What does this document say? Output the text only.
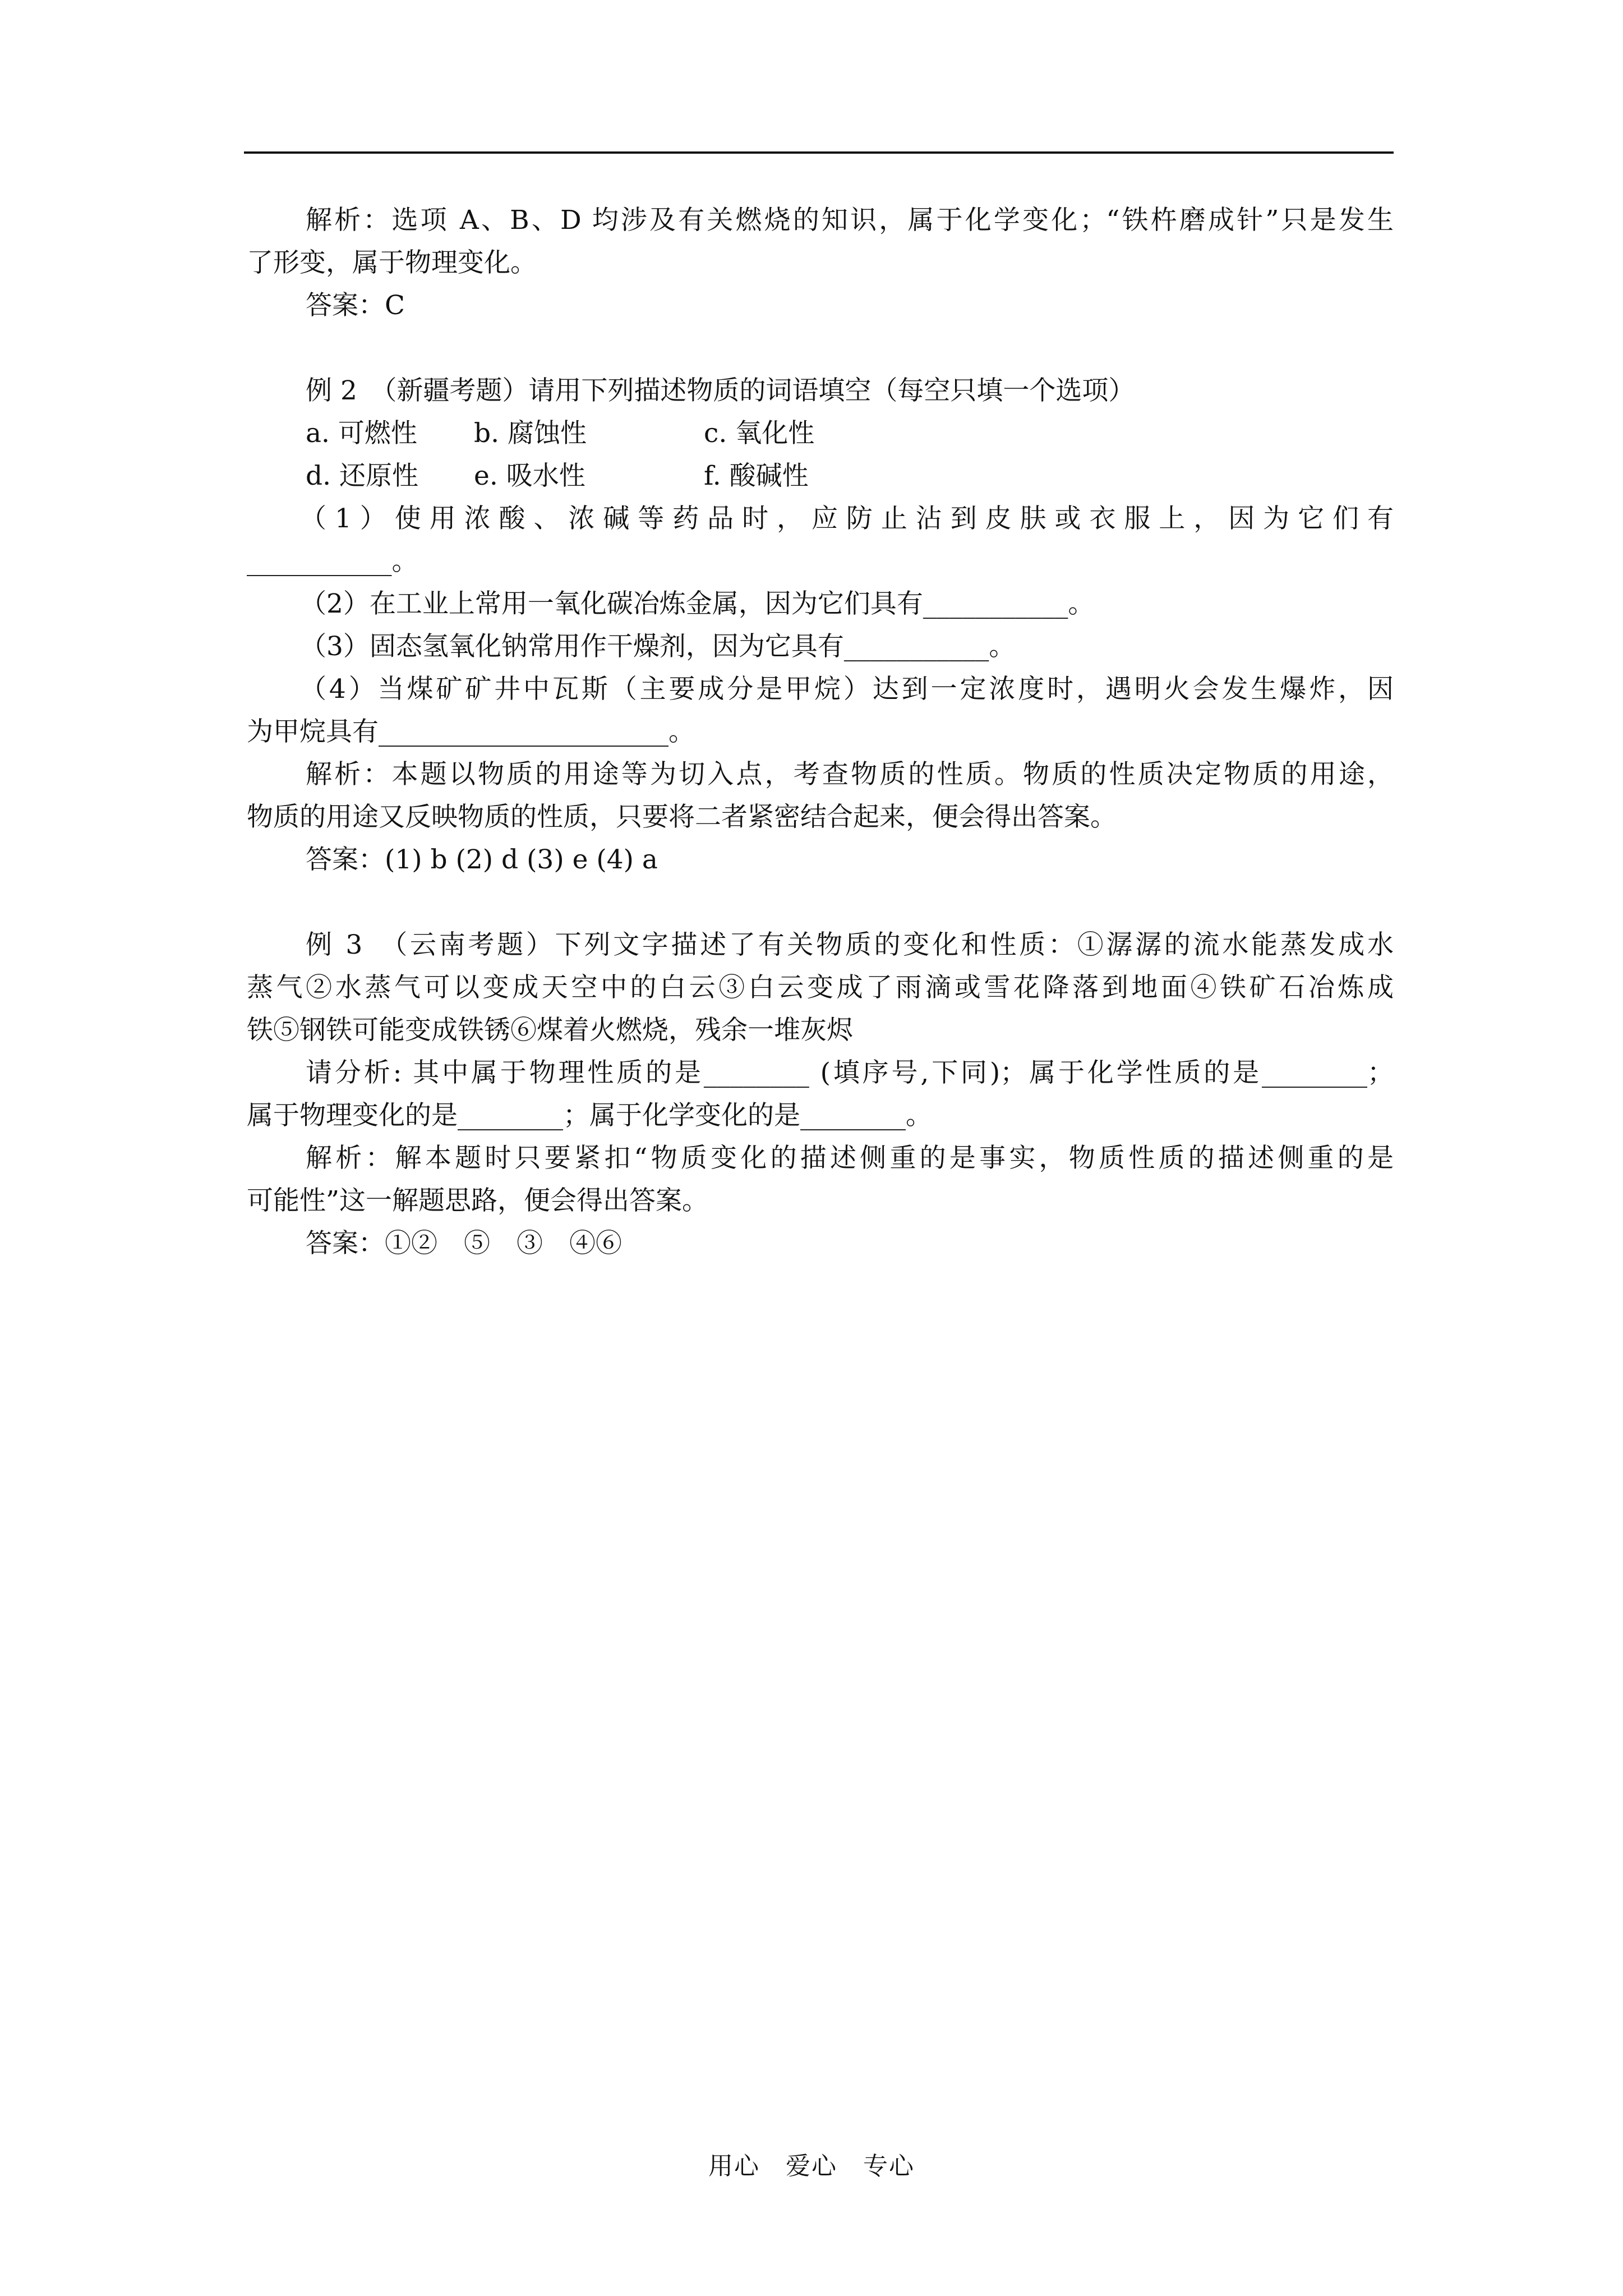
解析：选项 A、B、D 均涉及有关燃烧的知识，属于化学变化；“铁杵磨成针”只是发生
了形变，属于物理变化。
答案：C
例 2　（新疆考题）请用下列描述物质的词语填空（每空只填一个选项）
a. 可燃性 b. 腐蚀性	c. 氧化性
d. 还原性 e. 吸水性	f. 酸碱性
（1）使用浓酸、浓碱等药品时，应防止沾到皮肤或衣服上，因为它们有
___________。
（2）在工业上常用一氧化碳冶炼金属，因为它们具有___________。
（3）固态氢氧化钠常用作干燥剂，因为它具有___________。
（4）当煤矿矿井中瓦斯（主要成分是甲烷）达到一定浓度时，遇明火会发生爆炸，因
为甲烷具有______________________。
解析：本题以物质的用途等为切入点，考查物质的性质。物质的性质决定物质的用途，
物质的用途又反映物质的性质，只要将二者紧密结合起来，便会得出答案。
答案：(1) b (2) d (3) e (4) a
例 3　（云南考题）下列文字描述了有关物质的变化和性质：①潺潺的流水能蒸发成水
蒸气②水蒸气可以变成天空中的白云③白云变成了雨滴或雪花降落到地面④铁矿石冶炼成
铁⑤钢铁可能变成铁锈⑥煤着火燃烧，残余一堆灰烬
请分析: 其中属于物理性质的是________ (填序号,下同)；属于化学性质的是________；
属于物理变化的是________；属于化学变化的是________。
解析：解本题时只要紧扣“物质变化的描述侧重的是事实，物质性质的描述侧重的是
可能性”这一解题思路，便会得出答案。
答案：①②　⑤　③　④⑥
用心　爱心　专心
